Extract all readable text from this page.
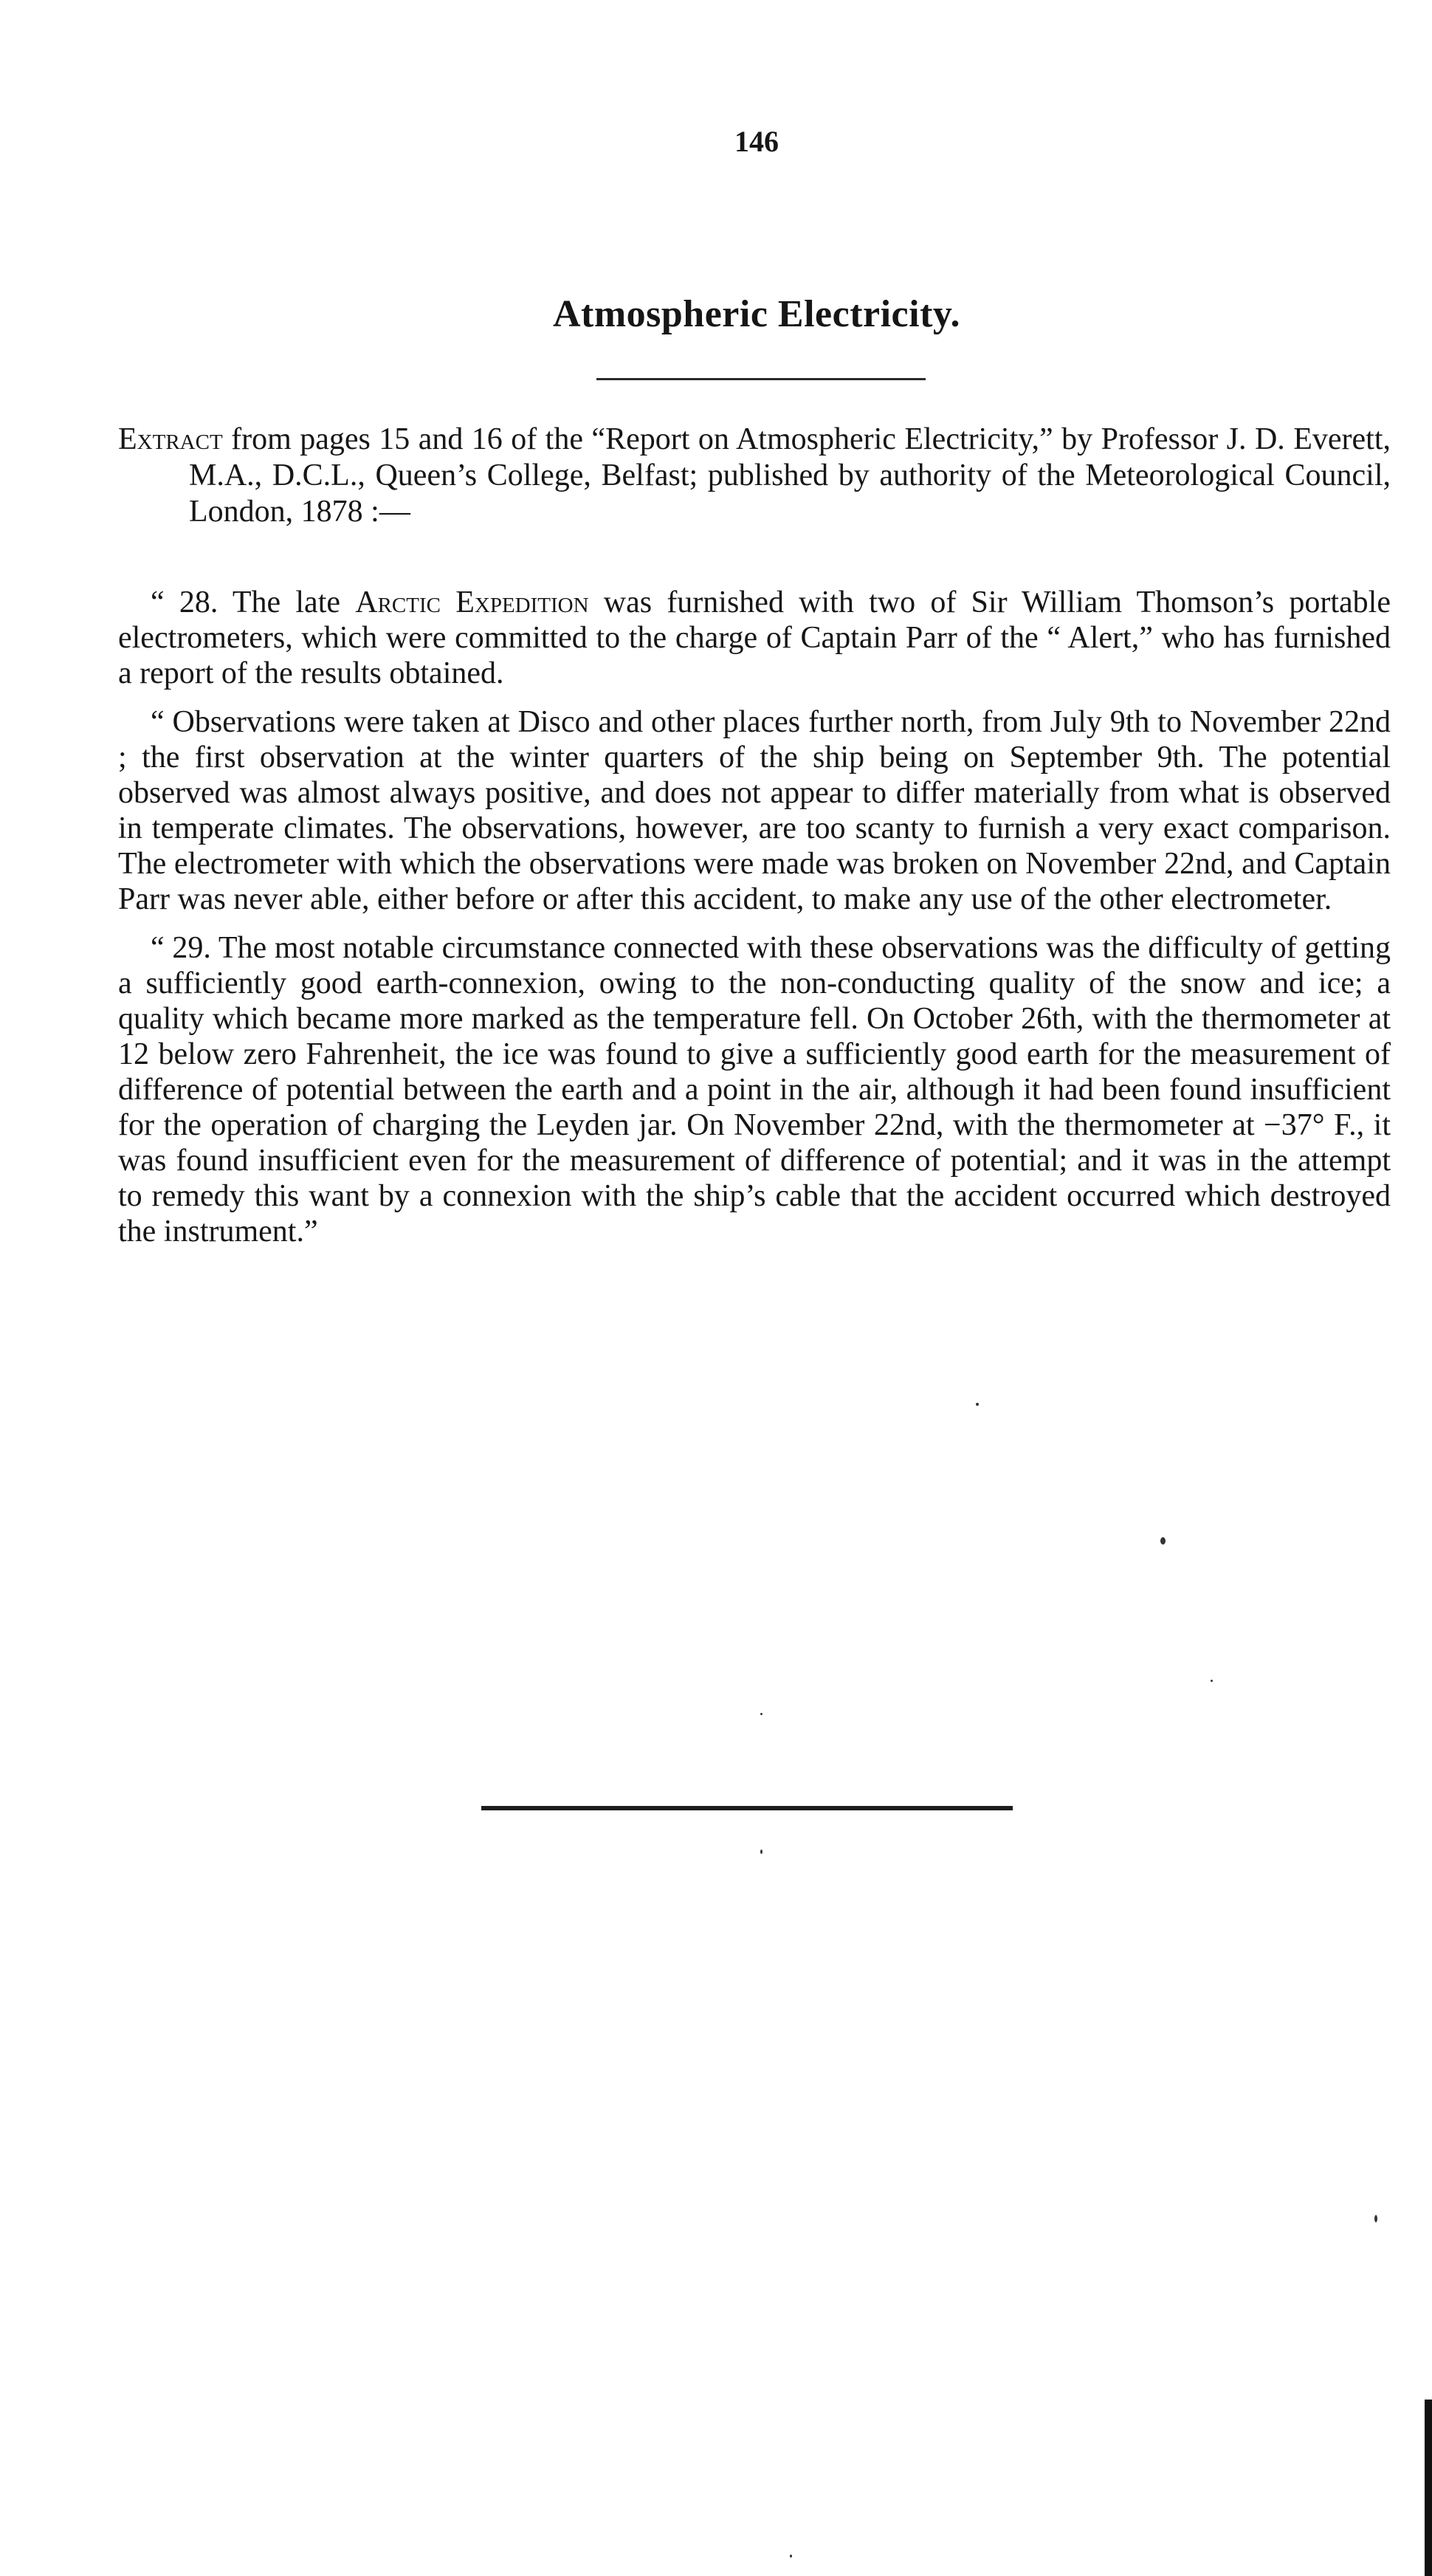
146
Atmospheric Electricity.
Extract from pages 15 and 16 of the “Report on Atmospheric Electricity,” by Professor J. D. Everett, M.A., D.C.L., Queen’s College, Belfast; published by authority of the Meteorological Council, London, 1878 :—

“ 28. The late Arctic Expedition was furnished with two of Sir William Thomson’s portable electrometers, which were committed to the charge of Captain Parr of the “ Alert,” who has furnished a report of the results obtained.

“ Observations were taken at Disco and other places further north, from July 9th to November 22nd ; the first observation at the winter quarters of the ship being on September 9th. The potential observed was almost always positive, and does not appear to differ materially from what is observed in temperate climates. The observations, however, are too scanty to furnish a very exact comparison. The electrometer with which the observations were made was broken on November 22nd, and Captain Parr was never able, either before or after this accident, to make any use of the other electrometer.

“ 29. The most notable circumstance connected with these observations was the difficulty of getting a sufficiently good earth-connexion, owing to the non-conducting quality of the snow and ice; a quality which became more marked as the temperature fell. On October 26th, with the thermometer at 12 below zero Fahrenheit, the ice was found to give a sufficiently good earth for the measurement of difference of potential between the earth and a point in the air, although it had been found insufficient for the operation of charging the Leyden jar. On November 22nd, with the thermometer at −37° F., it was found insufficient even for the measurement of difference of potential; and it was in the attempt to remedy this want by a connexion with the ship’s cable that the accident occurred which destroyed the instrument.”
